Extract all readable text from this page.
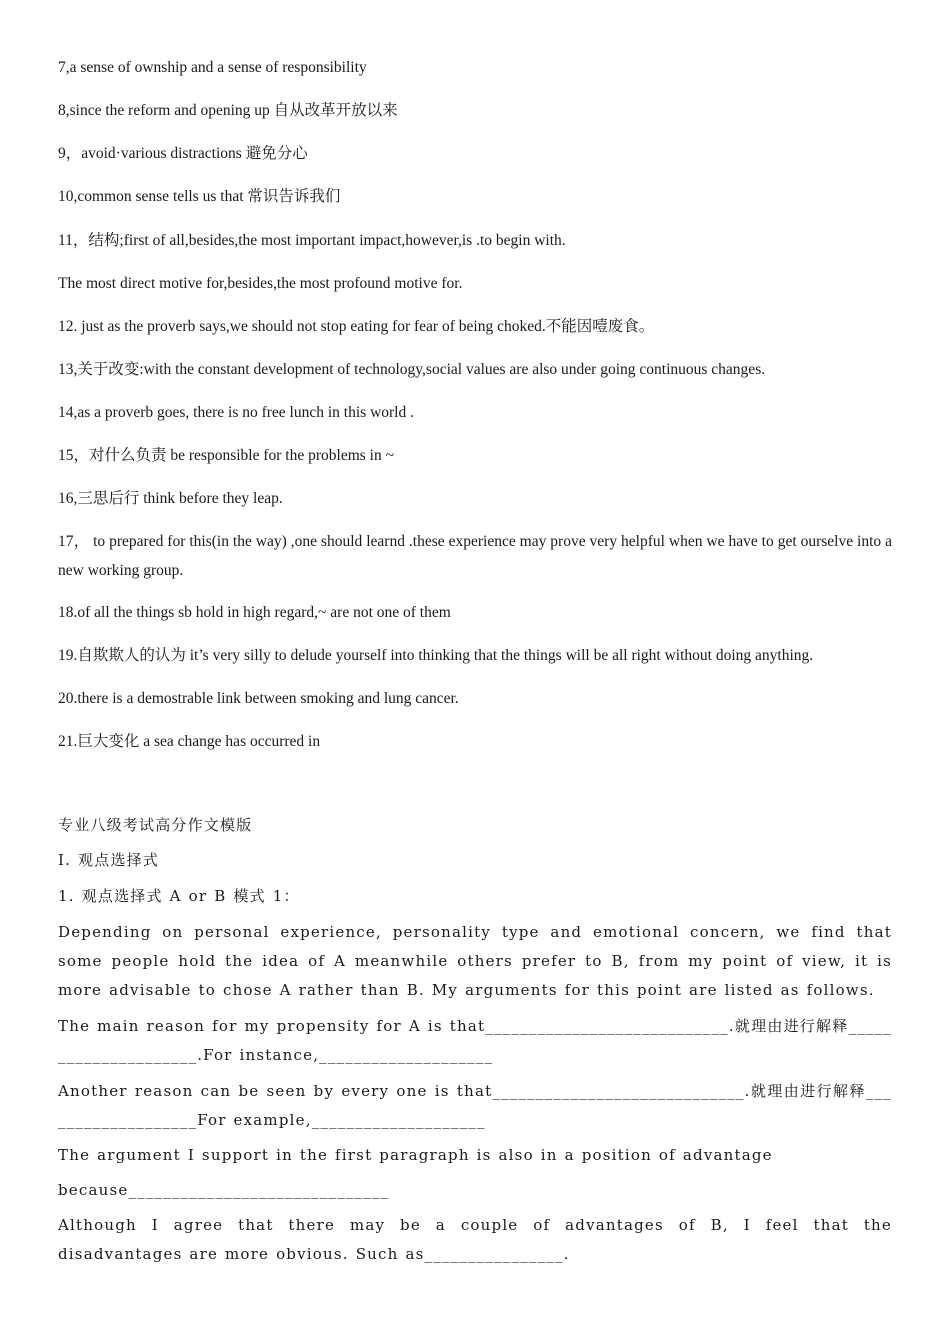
7,a sense of ownship and a sense of responsibility
8,since the reform and opening up 自从改革开放以来
9，avoid·various distractions 避免分心
10,common sense tells us that 常识告诉我们
11，结构;first of all,besides,the most important impact,however,is .to begin with.
The most direct motive for,besides,the most profound motive for.
12. just as the proverb says,we should not stop eating for fear of being choked.不能因噎废食。
13,关于改变:with the constant development of technology,social values are also under going continuous changes.
14,as a proverb goes, there is no free lunch in this world .
15，对什么负责 be responsible for the problems in ~
16,三思后行 think before they leap.
17， to prepared for this(in the way) ,one should learnd .these experience may prove very helpful when we have to get ourselve into a new working group.
18.of all the things sb hold in high regard,~ are not one of them
19.自欺欺人的认为 it’s very silly to delude yourself into thinking that the things will be all right without doing anything.
20.there is a demostrable link between smoking and lung cancer.
21.巨大变化 a sea change has occurred in
专业八级考试高分作文模版
I. 观点选择式
1. 观点选择式 A or B 模式 1：
Depending on personal experience, personality type and emotional concern, we find that some people hold the idea of A meanwhile others prefer to B, from my point of view, it is more advisable to chose A rather than B. My arguments for this point are listed as follows.
The main reason for my propensity for A is that____________________________.就理由进行解释_____________________.For instance,____________________
Another reason can be seen by every one is that_____________________________.就理由进行解释___________________For example,____________________
The argument I support in the first paragraph is also in a position of advantage
because______________________________
Although I agree that there may be a couple of advantages of B, I feel that the disadvantages are more obvious. Such as________________.
